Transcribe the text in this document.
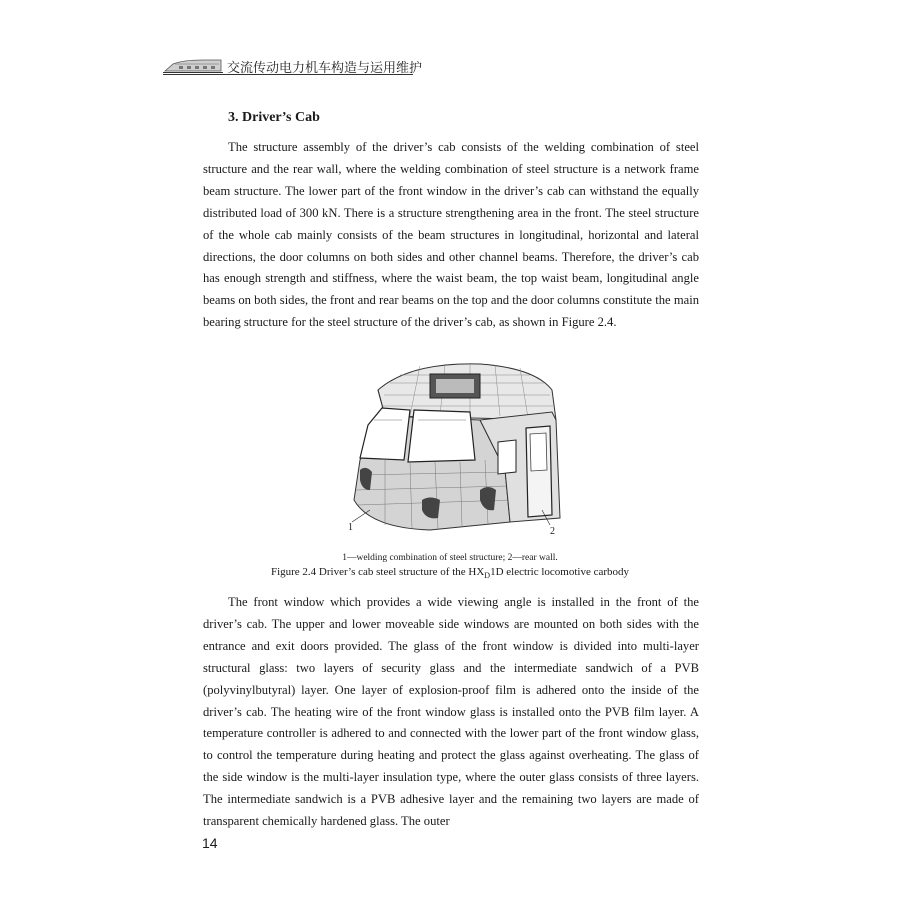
交流传动电力机车构造与运用维护
3. Driver’s Cab

The structure assembly of the driver’s cab consists of the welding combination of steel structure and the rear wall, where the welding combination of steel structure is a network frame beam structure. The lower part of the front window in the driver’s cab can withstand the equally distributed load of 300 kN. There is a structure strengthening area in the front. The steel structure of the whole cab mainly consists of the beam structures in longitudinal, horizontal and lateral directions, the door columns on both sides and other channel beams. Therefore, the driver’s cab has enough strength and stiffness, where the waist beam, the top waist beam, longitudinal angle beams on both sides, the front and rear beams on the top and the door columns constitute the main bearing structure for the steel structure of the driver’s cab, as shown in Figure 2.4.

1	2
1—welding combination of steel structure; 2—rear wall.
Figure 2.4 Driver’s cab steel structure of the $HX_D1D$ electric locomotive carbody

The front window which provides a wide viewing angle is installed in the front of the driver’s cab. The upper and lower moveable side windows are mounted on both sides with the entrance and exit doors provided. The glass of the front window is divided into multi-layer structural glass: two layers of security glass and the intermediate sandwich of a PVB (polyvinylbutyral) layer. One layer of explosion-proof film is adhered onto the inside of the driver’s cab. The heating wire of the front window glass is installed onto the PVB film layer. A temperature controller is adhered to and connected with the lower part of the front window glass, to control the temperature during heating and protect the glass against overheating. The glass of the side window is the multi-layer insulation type, where the outer glass consists of three layers. The intermediate sandwich is a PVB adhesive layer and the remaining two layers are made of transparent chemically hardened glass. The outer

14
